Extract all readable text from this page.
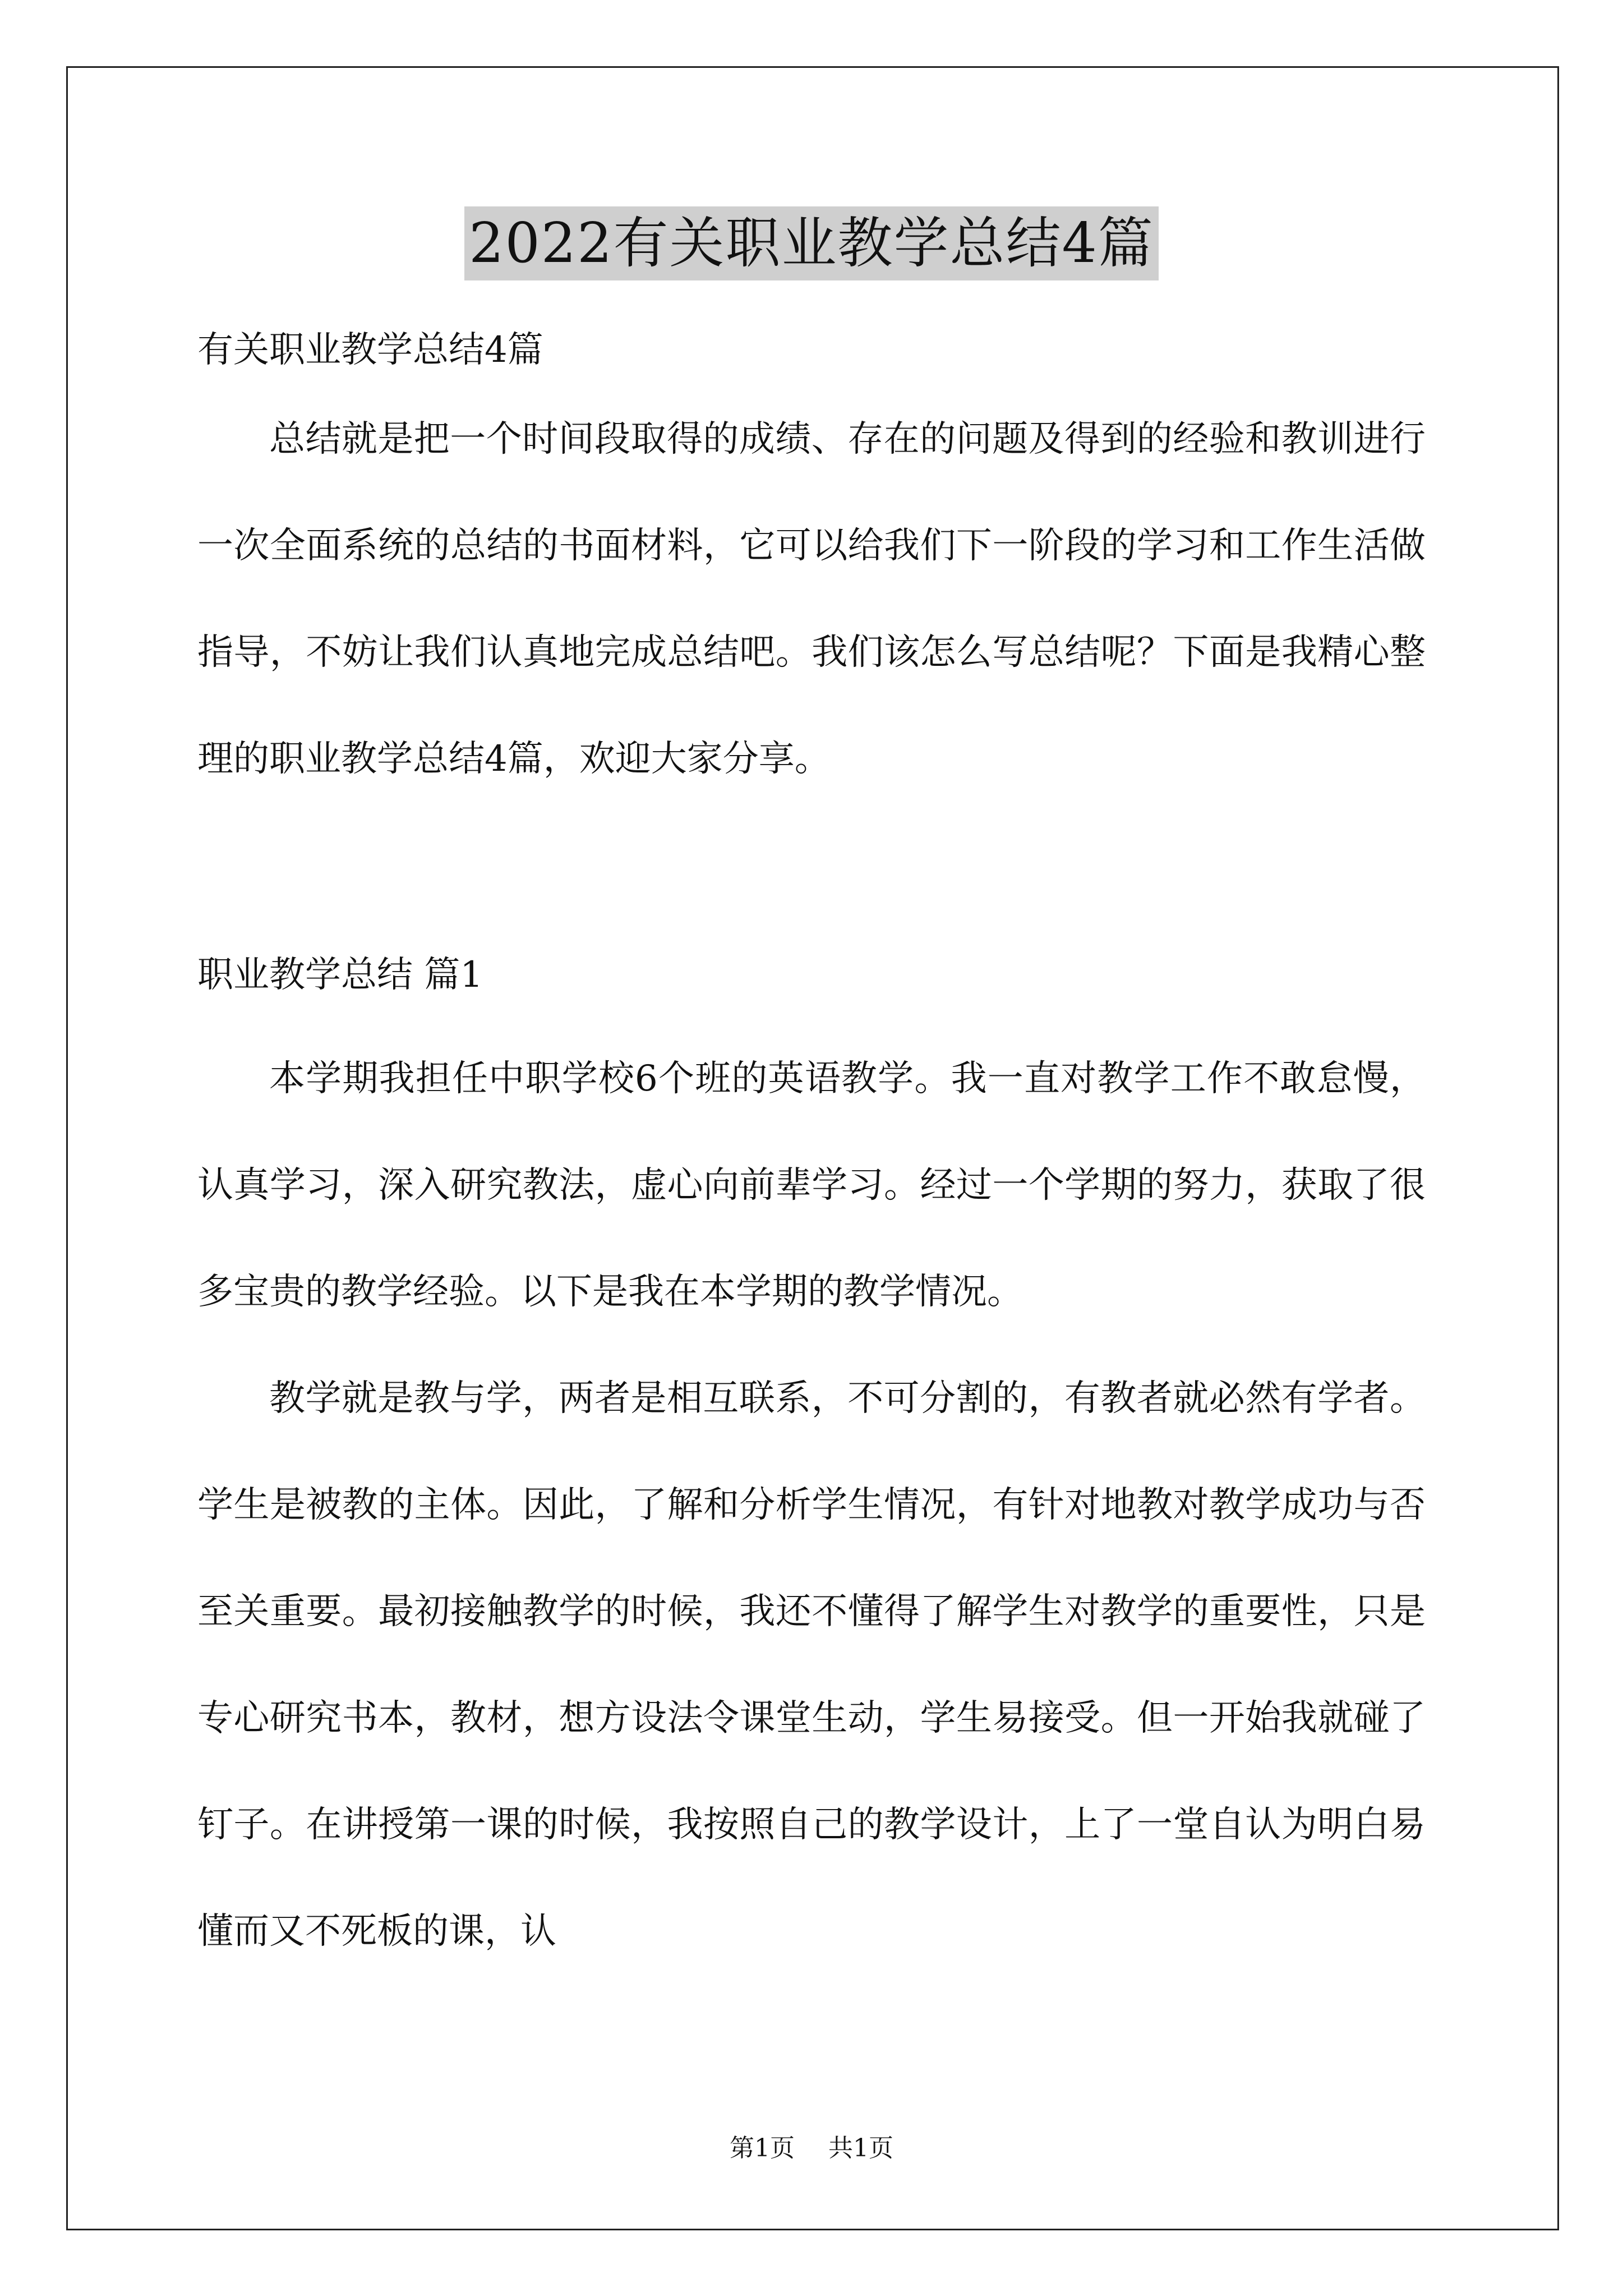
2022有关职业教学总结4篇

有关职业教学总结4篇

总结就是把一个时间段取得的成绩、存在的问题及得到的经验和教训进行一次全面系统的总结的书面材料，它可以给我们下一阶段的学习和工作生活做指导，不妨让我们认真地完成总结吧。我们该怎么写总结呢？下面是我精心整理的职业教学总结4篇，欢迎大家分享。

职业教学总结 篇1

本学期我担任中职学校6个班的英语教学。我一直对教学工作不敢怠慢，认真学习，深入研究教法，虚心向前辈学习。经过一个学期的努力，获取了很多宝贵的教学经验。以下是我在本学期的教学情况。

教学就是教与学，两者是相互联系，不可分割的，有教者就必然有学者。学生是被教的主体。因此，了解和分析学生情况，有针对地教对教学成功与否至关重要。最初接触教学的时候，我还不懂得了解学生对教学的重要性，只是专心研究书本，教材，想方设法令课堂生动，学生易接受。但一开始我就碰了钉子。在讲授第一课的时候，我按照自己的教学设计，上了一堂自认为明白易懂而又不死板的课，认

第1页 共1页
